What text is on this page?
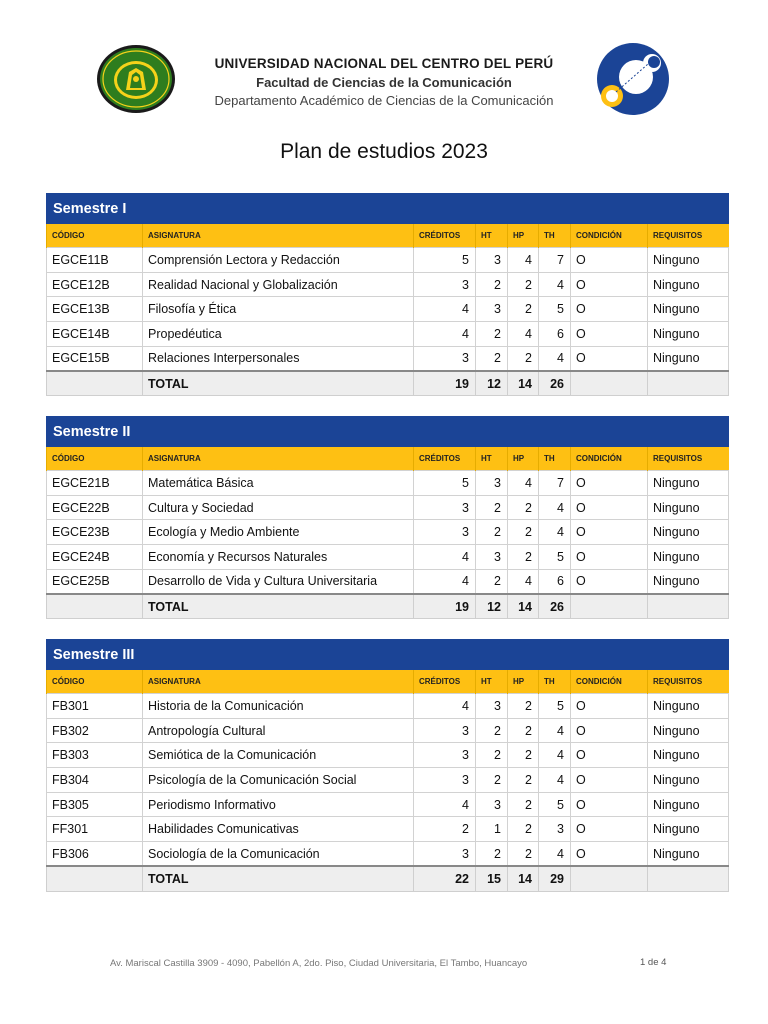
UNIVERSIDAD NACIONAL DEL CENTRO DEL PERÚ
Facultad de Ciencias de la Comunicación
Departamento Académico de Ciencias de la Comunicación
Plan de estudios 2023
Semestre I							
CÓDIGO	ASIGNATURA	CRÉDITOS	HT	HP	TH	CONDICIÓN	REQUISITOS
EGCE11B	Comprensión Lectora y Redacción	5	3	4	7	O	Ninguno
EGCE12B	Realidad Nacional y Globalización	3	2	2	4	O	Ninguno
EGCE13B	Filosofía y Ética	4	3	2	5	O	Ninguno
EGCE14B	Propedéutica	4	2	4	6	O	Ninguno
EGCE15B	Relaciones Interpersonales	3	2	2	4	O	Ninguno
	TOTAL	19	12	14	26		
Semestre II							
CÓDIGO	ASIGNATURA	CRÉDITOS	HT	HP	TH	CONDICIÓN	REQUISITOS
EGCE21B	Matemática Básica	5	3	4	7	O	Ninguno
EGCE22B	Cultura y Sociedad	3	2	2	4	O	Ninguno
EGCE23B	Ecología y Medio Ambiente	3	2	2	4	O	Ninguno
EGCE24B	Economía y Recursos Naturales	4	3	2	5	O	Ninguno
EGCE25B	Desarrollo de Vida y Cultura Universitaria	4	2	4	6	O	Ninguno
	TOTAL	19	12	14	26		
Semestre III							
CÓDIGO	ASIGNATURA	CRÉDITOS	HT	HP	TH	CONDICIÓN	REQUISITOS
FB301	Historia de la Comunicación	4	3	2	5	O	Ninguno
FB302	Antropología Cultural	3	2	2	4	O	Ninguno
FB303	Semiótica de la Comunicación	3	2	2	4	O	Ninguno
FB304	Psicología de la Comunicación Social	3	2	2	4	O	Ninguno
FB305	Periodismo Informativo	4	3	2	5	O	Ninguno
FF301	Habilidades Comunicativas	2	1	2	3	O	Ninguno
FB306	Sociología de la Comunicación	3	2	2	4	O	Ninguno
	TOTAL	22	15	14	29		
Av. Mariscal Castilla 3909 - 4090, Pabellón A, 2do. Piso, Ciudad Universitaria, El Tambo, Huancayo	1 de 4
